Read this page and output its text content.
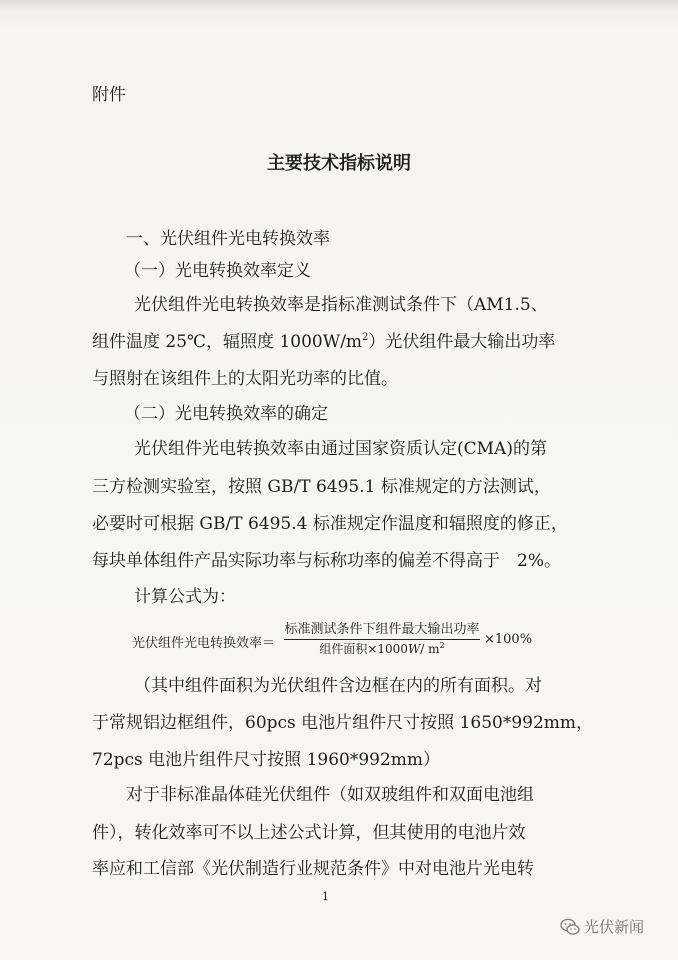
附件
主要技术指标说明
一、光伏组件光电转换效率
（一）光电转换效率定义
光伏组件光电转换效率是指标准测试条件下（AM1.5、
组件温度 25℃，辐照度 $1000W/m^2$）光伏组件最大输出功率
与照射在该组件上的太阳光功率的比值。
（二）光电转换效率的确定
光伏组件光电转换效率由通过国家资质认定(CMA)的第
三方检测实验室，按照 GB/T 6495.1 标准规定的方法测试，
必要时可根据 GB/T 6495.4 标准规定作温度和辐照度的修正，
每块单体组件产品实际功率与标称功率的偏差不得高于　2%。
计算公式为：
光伏组件光电转换效率＝
标准测试条件下组件最大输出功率
组件面积×1000W/ $m^2$	×100%
（其中组件面积为光伏组件含边框在内的所有面积。对
于常规铝边框组件，60pcs 电池片组件尺寸按照 1650*992mm，
72pcs 电池片组件尺寸按照 1960*992mm）
对于非标准晶体硅光伏组件（如双玻组件和双面电池组
件），转化效率可不以上述公式计算，但其使用的电池片效
率应和工信部《光伏制造行业规范条件》中对电池片光电转
1
光伏新闻
